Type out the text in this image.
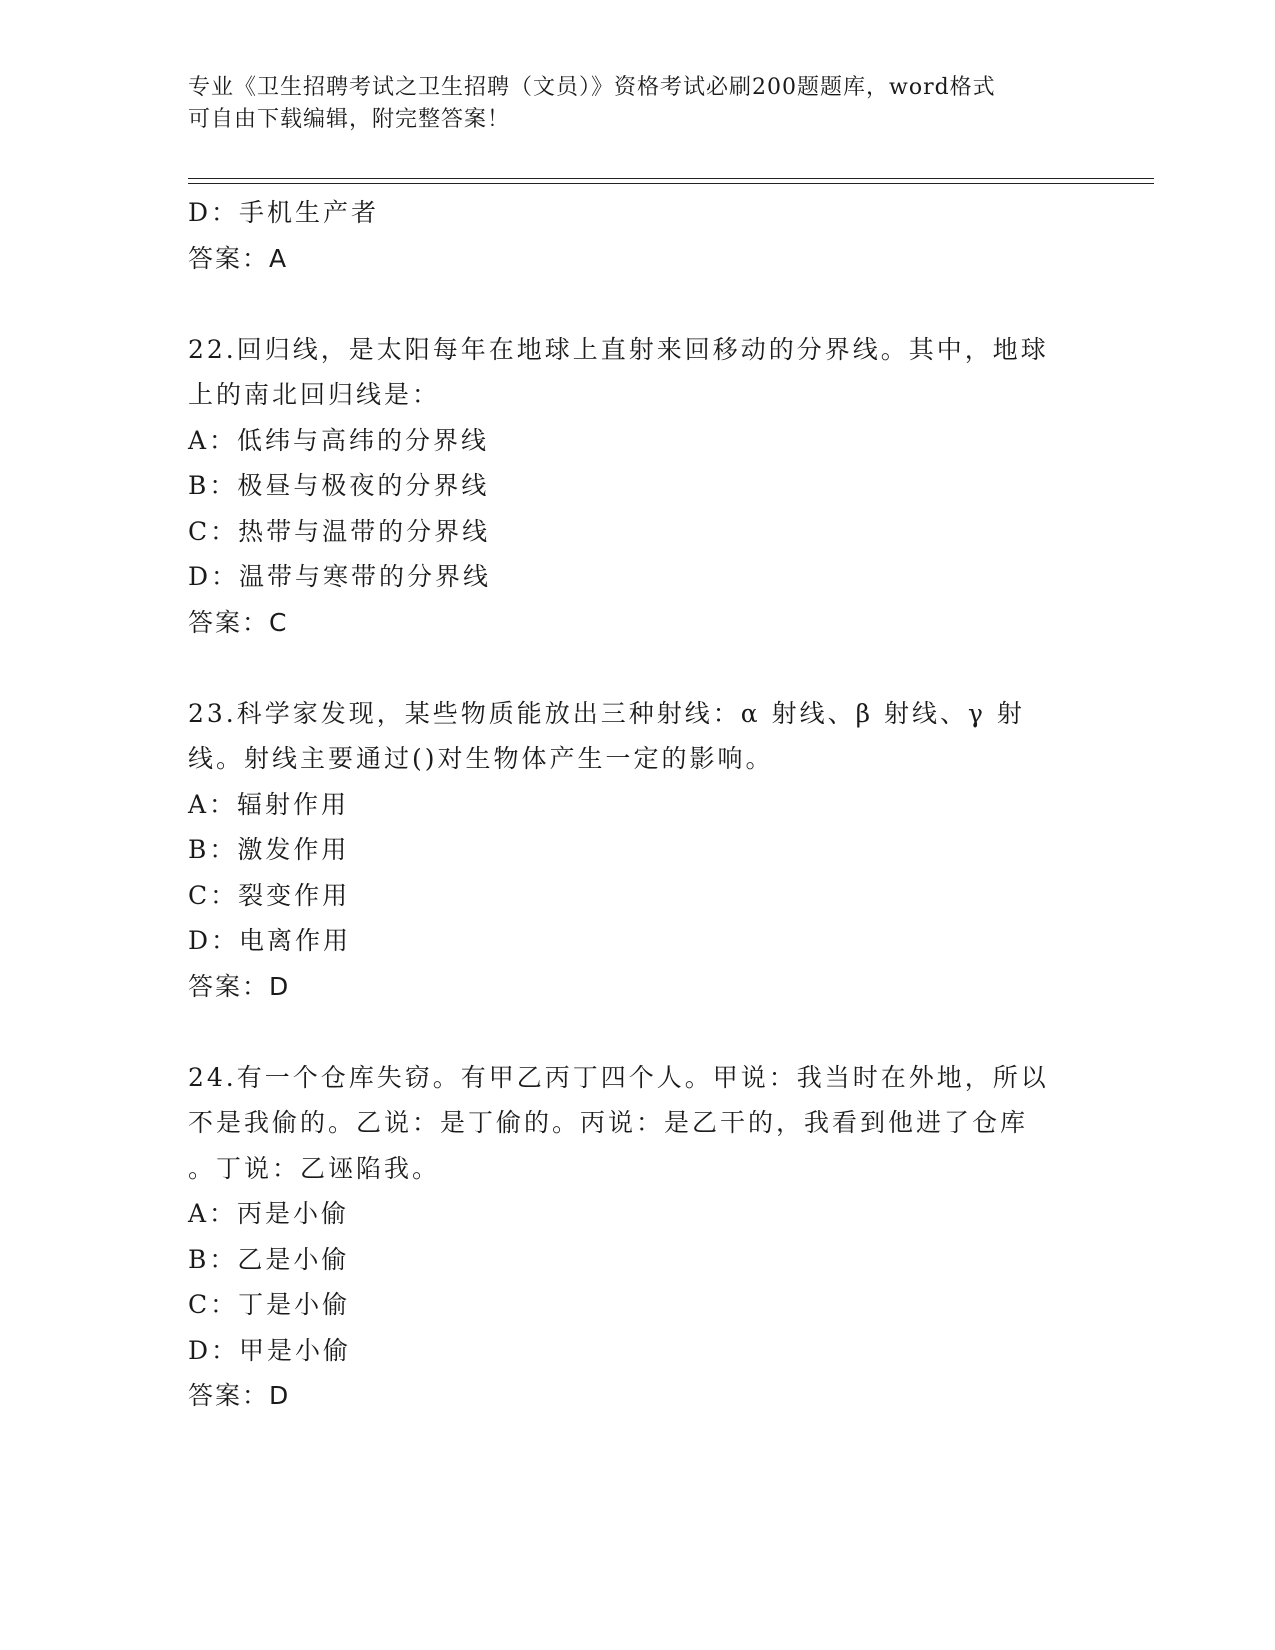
专业《卫生招聘考试之卫生招聘（文员）》资格考试必刷200题题库，word格式
可自由下载编辑，附完整答案！
D：手机生产者
答案：A
22.回归线，是太阳每年在地球上直射来回移动的分界线。其中，地球
上的南北回归线是：
A：低纬与高纬的分界线
B：极昼与极夜的分界线
C：热带与温带的分界线
D：温带与寒带的分界线
答案：C
23.科学家发现，某些物质能放出三种射线：α 射线、β 射线、γ 射
线。射线主要通过()对生物体产生一定的影响。
A：辐射作用
B：激发作用
C：裂变作用
D：电离作用
答案：D
24.有一个仓库失窃。有甲乙丙丁四个人。甲说：我当时在外地，所以
不是我偷的。乙说：是丁偷的。丙说：是乙干的，我看到他进了仓库
。丁说：乙诬陷我。
A：丙是小偷
B：乙是小偷
C：丁是小偷
D：甲是小偷
答案：D
